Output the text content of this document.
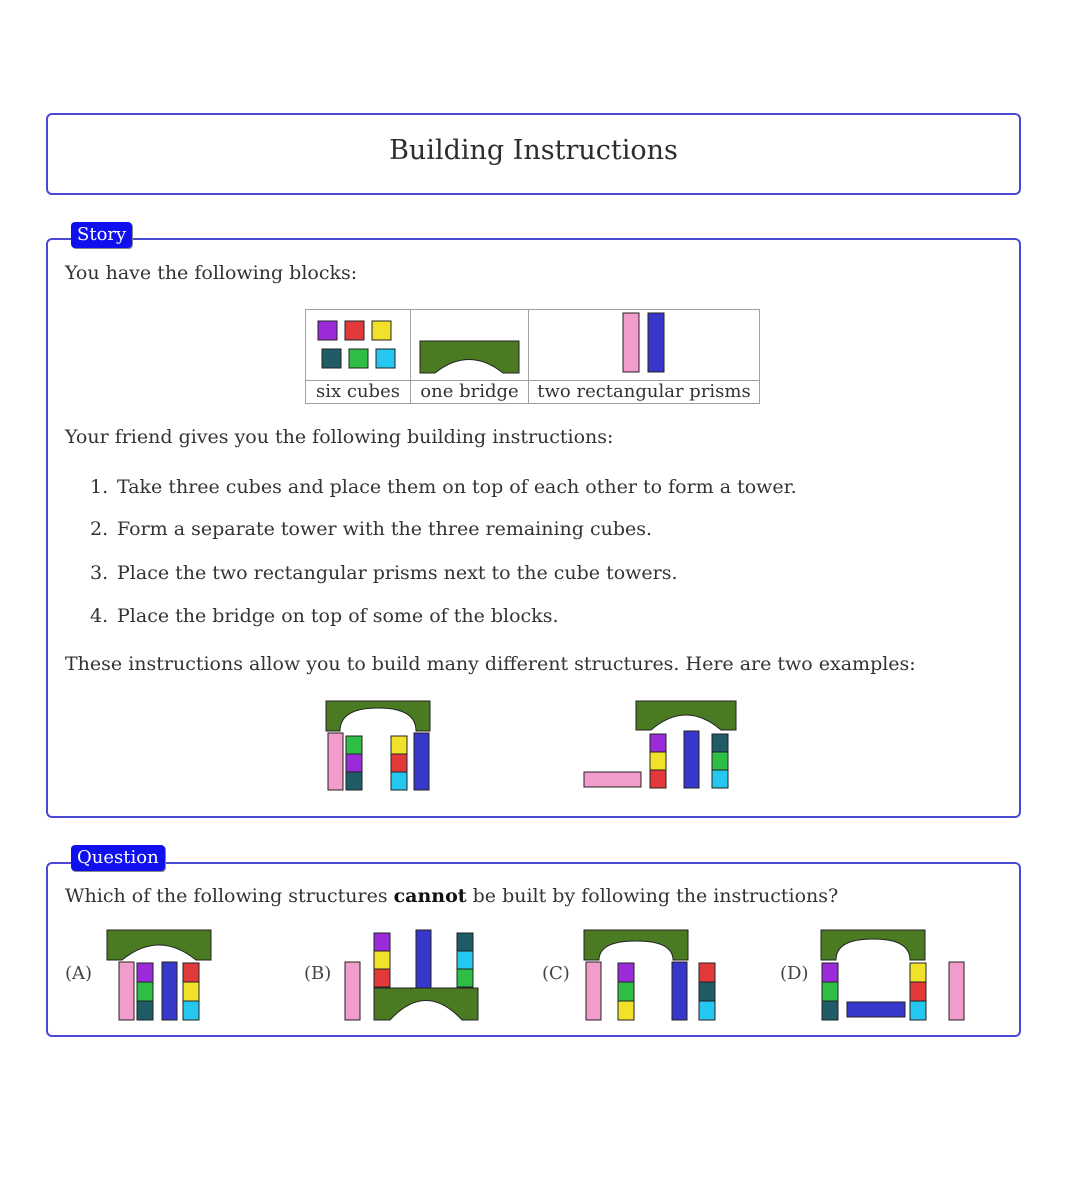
Building Instructions
Story
You have the following blocks:

six cubes	one bridge	two rectangular prisms
Your friend gives you the following building instructions:
1. Take three cubes and place them on top of each other to form a tower.
2. Form a separate tower with the three remaining cubes.
3. Place the two rectangular prisms next to the cube towers.
4. Place the bridge on top of some of the blocks.
These instructions allow you to build many different structures. Here are two examples:
Question
Which of the following structures cannot be built by following the instructions?
(A)	(B)	(C)	(D)
